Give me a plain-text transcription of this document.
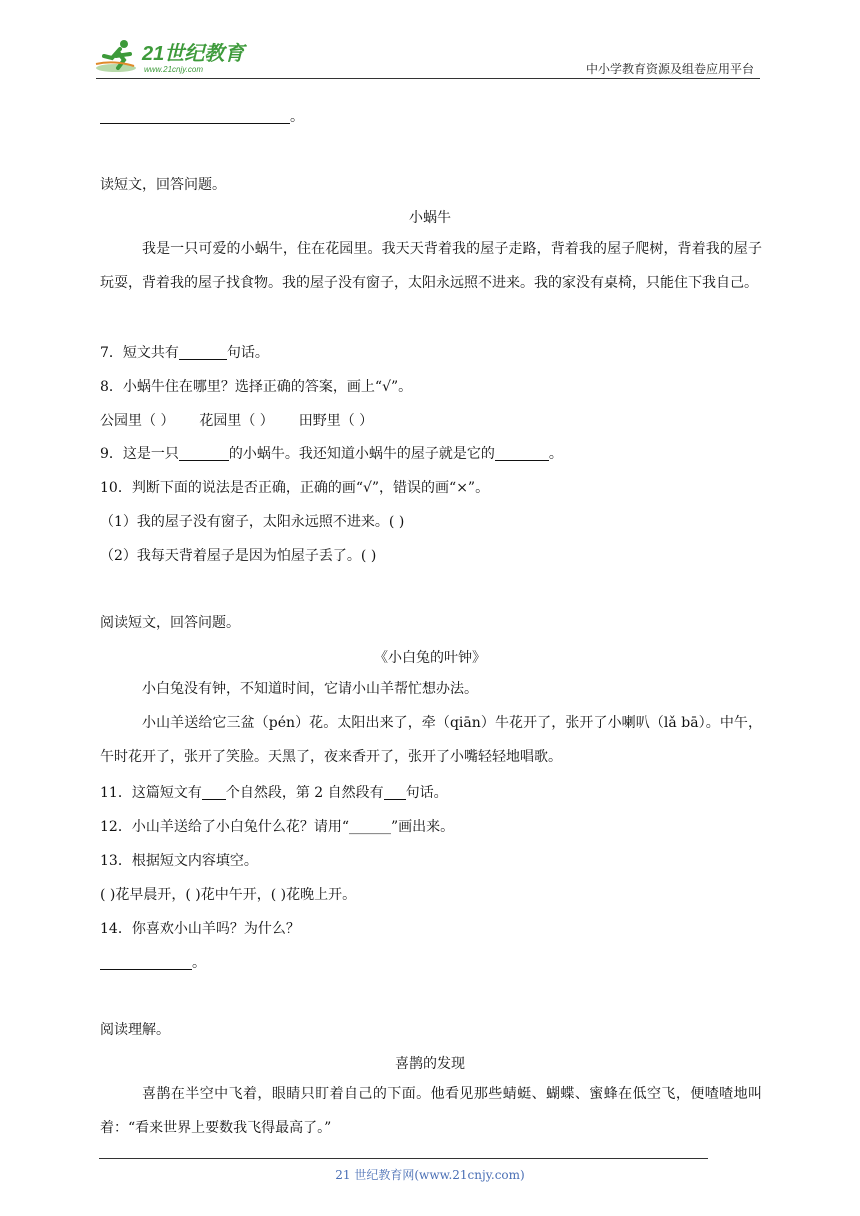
21世纪教育
www.21cnjy.com	中小学教育资源及组卷应用平台
。
读短文，回答问题。
小蜗牛
我是一只可爱的小蜗牛，住在花园里。我天天背着我的屋子走路，背着我的屋子爬树，背着我的屋子玩耍，背着我的屋子找食物。我的屋子没有窗子，太阳永远照不进来。我的家没有桌椅，只能住下我自己。
7．短文共有	句话。
8．小蜗牛住在哪里？选择正确的答案，画上“√”。
公园里（ ） 花园里（ ） 田野里（ ）
9．这是一只	的小蜗牛。我还知道小蜗牛的屋子就是它的	。
10．判断下面的说法是否正确，正确的画“√”，错误的画“×”。
（1）我的屋子没有窗子，太阳永远照不进来。( )
（2）我每天背着屋子是因为怕屋子丢了。( )
阅读短文，回答问题。
《小白兔的叶钟》
小白兔没有钟，不知道时间，它请小山羊帮忙想办法。
小山羊送给它三盆（pén）花。太阳出来了，牵（qiān）牛花开了，张开了小喇叭（lǎ bā）。中午，午时花开了，张开了笑脸。天黑了，夜来香开了，张开了小嘴轻轻地唱歌。
11．这篇短文有 个自然段，第 2 自然段有 句话。
12．小山羊送给了小白兔什么花？请用“______”画出来。
13．根据短文内容填空。
( )花早晨开，( )花中午开，( )花晚上开。
14．你喜欢小山羊吗？为什么？
。
阅读理解。
喜鹊的发现
喜鹊在半空中飞着，眼睛只盯着自己的下面。他看见那些蜻蜓、蝴蝶、蜜蜂在低空飞，便喳喳地叫着：“看来世界上要数我飞得最高了。”
21 世纪教育网(www.21cnjy.com)
